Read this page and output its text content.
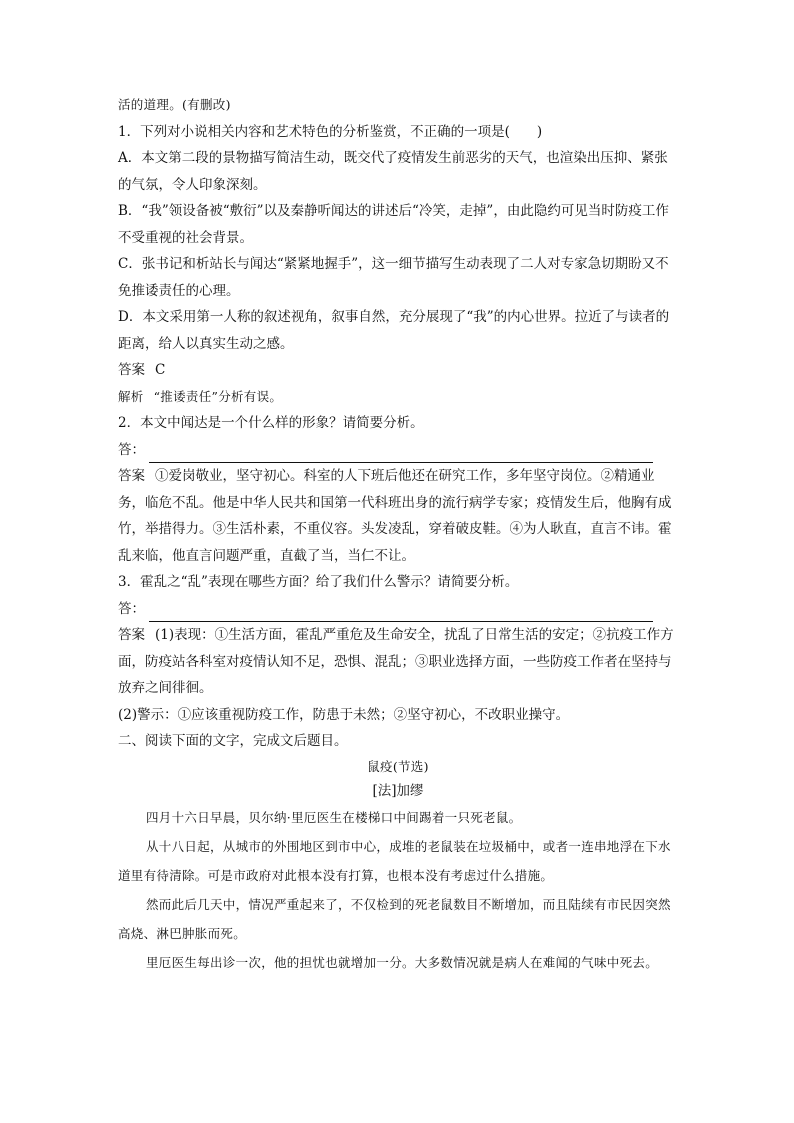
活的道理。(有删改)

1．下列对小说相关内容和艺术特色的分析鉴赏，不正确的一项是(　　)

A．本文第二段的景物描写简洁生动，既交代了疫情发生前恶劣的天气，也渲染出压抑、紧张的气氛，令人印象深刻。

B．“我”领设备被“敷衍”以及秦静听闻达的讲述后“冷笑，走掉”，由此隐约可见当时防疫工作不受重视的社会背景。

C．张书记和析站长与闻达“紧紧地握手”，这一细节描写生动表现了二人对专家急切期盼又不免推诿责任的心理。

D．本文采用第一人称的叙述视角，叙事自然，充分展现了“我”的内心世界。拉近了与读者的距离，给人以真实生动之感。

答案 C

解析 “推诿责任”分析有误。

2．本文中闻达是一个什么样的形象？请简要分析。

答：

答案 ①爱岗敬业，坚守初心。科室的人下班后他还在研究工作，多年坚守岗位。②精通业务，临危不乱。他是中华人民共和国第一代科班出身的流行病学专家；疫情发生后，他胸有成竹，举措得力。③生活朴素，不重仪容。头发凌乱，穿着破皮鞋。④为人耿直，直言不讳。霍乱来临，他直言问题严重，直截了当，当仁不让。

3．霍乱之“乱”表现在哪些方面？给了我们什么警示？请简要分析。

答：

答案 (1)表现：①生活方面，霍乱严重危及生命安全，扰乱了日常生活的安定；②抗疫工作方面，防疫站各科室对疫情认知不足，恐惧、混乱；③职业选择方面，一些防疫工作者在坚持与放弃之间徘徊。

(2)警示：①应该重视防疫工作，防患于未然；②坚守初心，不改职业操守。

二、阅读下面的文字，完成文后题目。

鼠疫(节选)

[法]加缪

四月十六日早晨，贝尔纳·里厄医生在楼梯口中间踢着一只死老鼠。

从十八日起，从城市的外围地区到市中心，成堆的老鼠装在垃圾桶中，或者一连串地浮在下水道里有待清除。可是市政府对此根本没有打算，也根本没有考虑过什么措施。

然而此后几天中，情况严重起来了，不仅检到的死老鼠数目不断增加，而且陆续有市民因突然高烧、淋巴肿胀而死。

里厄医生每出诊一次，他的担忧也就增加一分。大多数情况就是病人在难闻的气味中死去。
